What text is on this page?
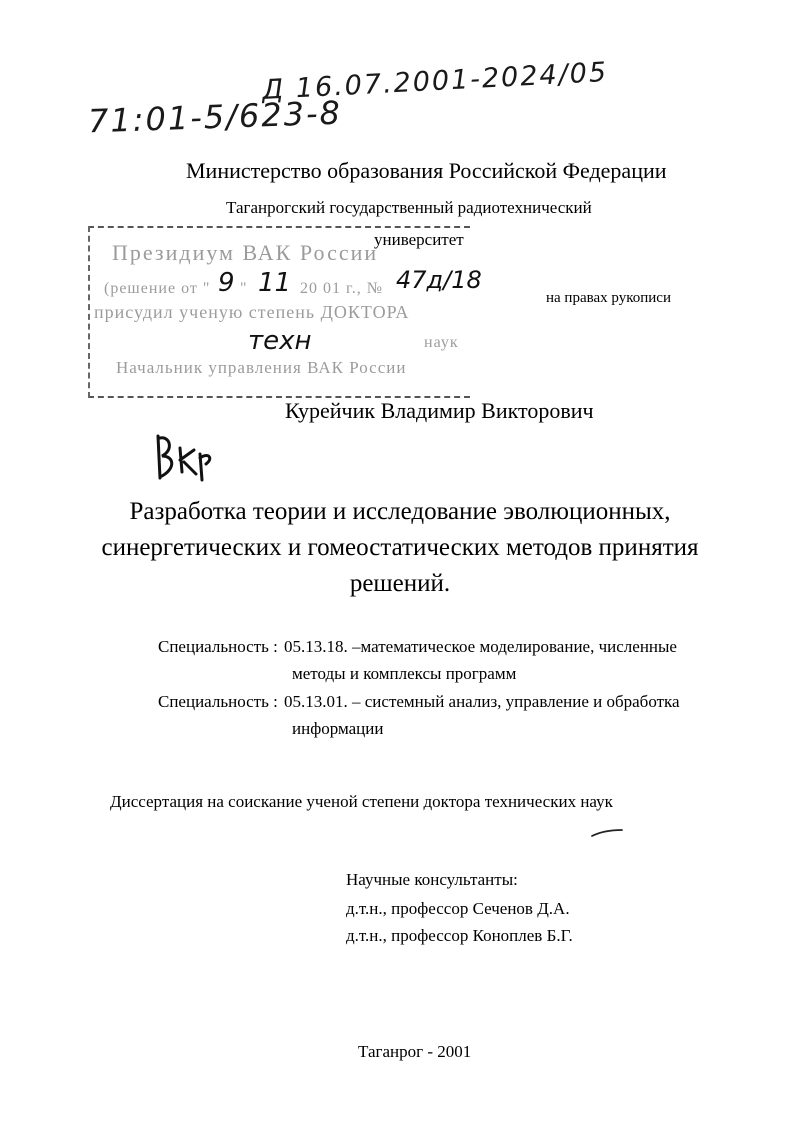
Д 16.07.2001-2024/05
71:01-5/623-8
Министерство образования Российской Федерации
Таганрогский государственный радиотехнический
университет
Президиум ВАК России
(решение от " 9 " 11 20 01 г., № 47д/18
присудил ученую степень ДОКТОРА
техн	наук
Начальник управления ВАК России
на правах рукописи
Курейчик Владимир Викторович
Разработка теории и исследование эволюционных,
синергетических и гомеостатических методов принятия
решений.
Специальность : 05.13.18. –математическое моделирование, численные
методы и комплексы программ
Специальность : 05.13.01. – системный анализ, управление и обработка
информации
Диссертация на соискание ученой степени доктора технических наук
Научные консультанты:
д.т.н., профессор Сеченов Д.А.
д.т.н., профессор Коноплев Б.Г.
Таганрог - 2001
